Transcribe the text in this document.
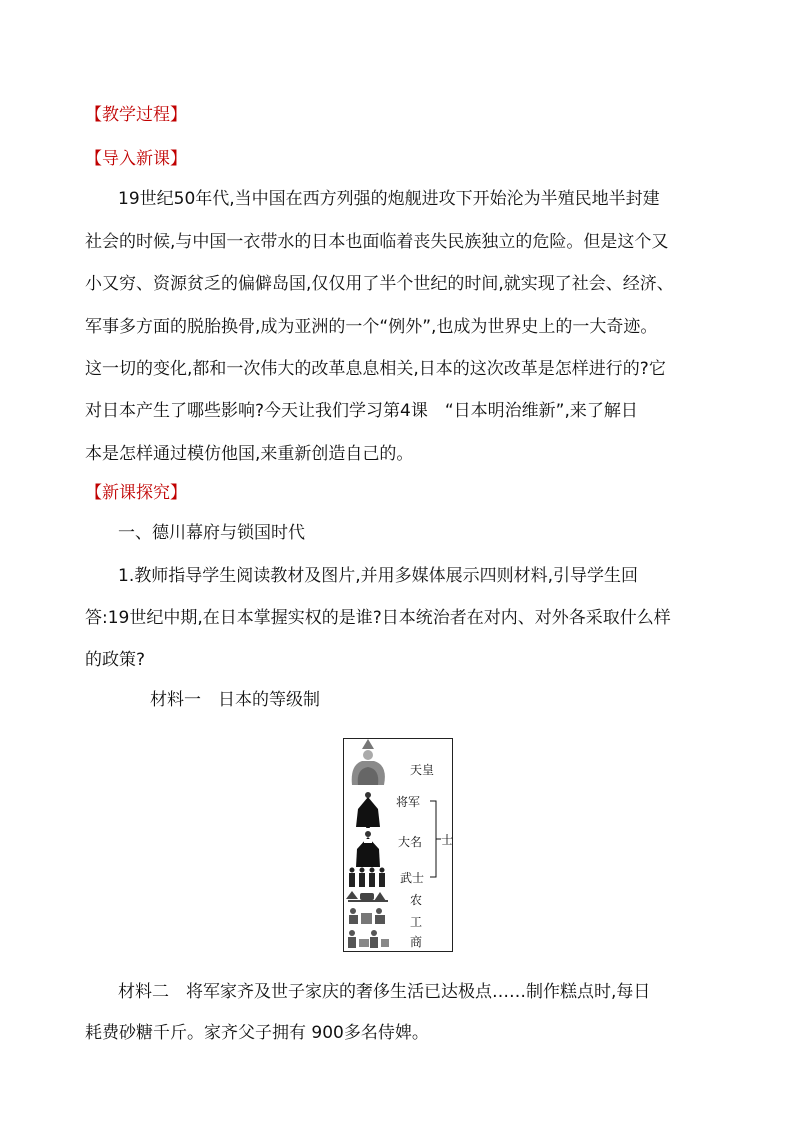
【教学过程】
【导入新课】
19世纪50年代,当中国在西方列强的炮舰进攻下开始沦为半殖民地半封建
社会的时候,与中国一衣带水的日本也面临着丧失民族独立的危险。但是这个又
小又穷、资源贫乏的偏僻岛国,仅仅用了半个世纪的时间,就实现了社会、经济、
军事多方面的脱胎换骨,成为亚洲的一个“例外”,也成为世界史上的一大奇迹。
这一切的变化,都和一次伟大的改革息息相关,日本的这次改革是怎样进行的?它
对日本产生了哪些影响?今天让我们学习第4课　“日本明治维新”,来了解日
本是怎样通过模仿他国,来重新创造自己的。
【新课探究】
一、德川幕府与锁国时代
1.教师指导学生阅读教材及图片,并用多媒体展示四则材料,引导学生回
答:19世纪中期,在日本掌握实权的是谁?日本统治者在对内、对外各采取什么样
的政策?
材料一　日本的等级制
天皇
将军
大名 士
武士
农
工
商
材料二　将军家齐及世子家庆的奢侈生活已达极点……制作糕点时,每日
耗费砂糖千斤。家齐父子拥有 900多名侍婢。
